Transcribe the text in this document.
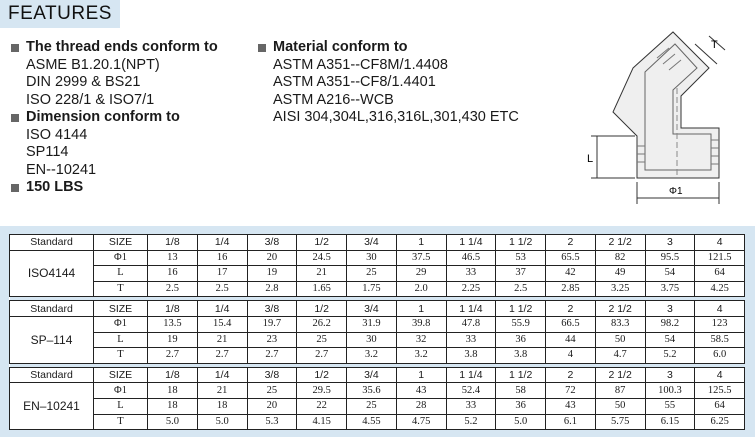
FEATURES
The thread ends conform to
ASME B1.20.1(NPT)
DIN 2999 & BS21
ISO 228/1 & ISO7/1
Dimension conform to
ISO 4144
SP114
EN--10241
150 LBS
Material conform to
ASTM A351--CF8M/1.4408
ASTM A351--CF8/1.4401
ASTM A216--WCB
AISI 304,304L,316,316L,301,430 ETC
T
L
Φ1
Standard	SIZE	1/8	1/4	3/8	1/2	3/4	1	1 1/4	1 1/2	2	2 1/2	3	4
ISO4144	Φ1	13	16	20	24.5	30	37.5	46.5	53	65.5	82	95.5	121.5
	L	16	17	19	21	25	29	33	37	42	49	54	64
	T	2.5	2.5	2.8	1.65	1.75	2.0	2.25	2.5	2.85	3.25	3.75	4.25

Standard	SIZE	1/8	1/4	3/8	1/2	3/4	1	1 1/4	1 1/2	2	2 1/2	3	4
SP–114	Φ1	13.5	15.4	19.7	26.2	31.9	39.8	47.8	55.9	66.5	83.3	98.2	123
	L	19	21	23	25	30	32	33	36	44	50	54	58.5
	T	2.7	2.7	2.7	2.7	3.2	3.2	3.8	3.8	4	4.7	5.2	6.0

Standard	SIZE	1/8	1/4	3/8	1/2	3/4	1	1 1/4	1 1/2	2	2 1/2	3	4
EN–10241	Φ1	18	21	25	29.5	35.6	43	52.4	58	72	87	100.3	125.5
	L	18	18	20	22	25	28	33	36	43	50	55	64
	T	5.0	5.0	5.3	4.15	4.55	4.75	5.2	5.0	6.1	5.75	6.15	6.25
